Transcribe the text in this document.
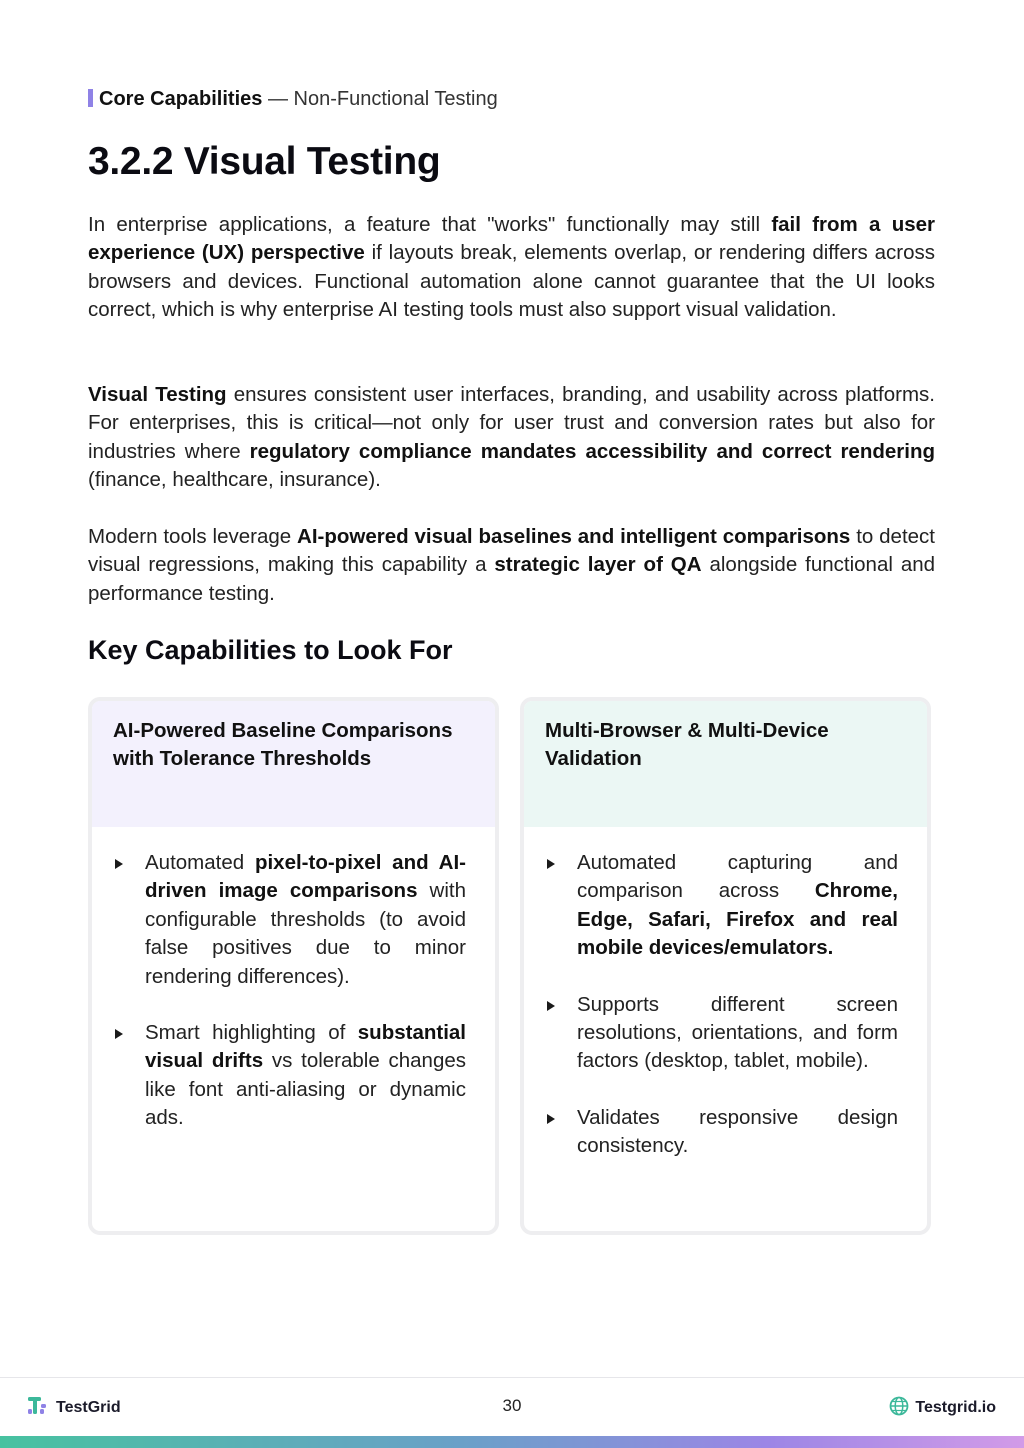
Core Capabilities — Non-Functional Testing
3.2.2 Visual Testing

In enterprise applications, a feature that "works" functionally may still fail from a user experience (UX) perspective if layouts break, elements overlap, or rendering differs across browsers and devices. Functional automation alone cannot guarantee that the UI looks correct, which is why enterprise AI testing tools must also support visual validation.

Visual Testing ensures consistent user interfaces, branding, and usability across platforms. For enterprises, this is critical—not only for user trust and conversion rates but also for industries where regulatory compliance mandates accessibility and correct rendering (finance, healthcare, insurance).

Modern tools leverage AI-powered visual baselines and intelligent comparisons to detect visual regressions, making this capability a strategic layer of QA alongside functional and performance testing.

Key Capabilities to Look For
AI-Powered Baseline Comparisons with Tolerance Thresholds
Automated pixel-to-pixel and AI-driven image comparisons with configurable thresholds (to avoid false positives due to minor rendering differences).
Smart highlighting of substantial visual drifts vs tolerable changes like font anti-aliasing or dynamic ads.
Multi-Browser & Multi-Device Validation
Automated capturing and comparison across Chrome, Edge, Safari, Firefox and real mobile devices/emulators.
Supports different screen resolutions, orientations, and form factors (desktop, tablet, mobile).
Validates responsive design consistency.
TestGrid	30	Testgrid.io
